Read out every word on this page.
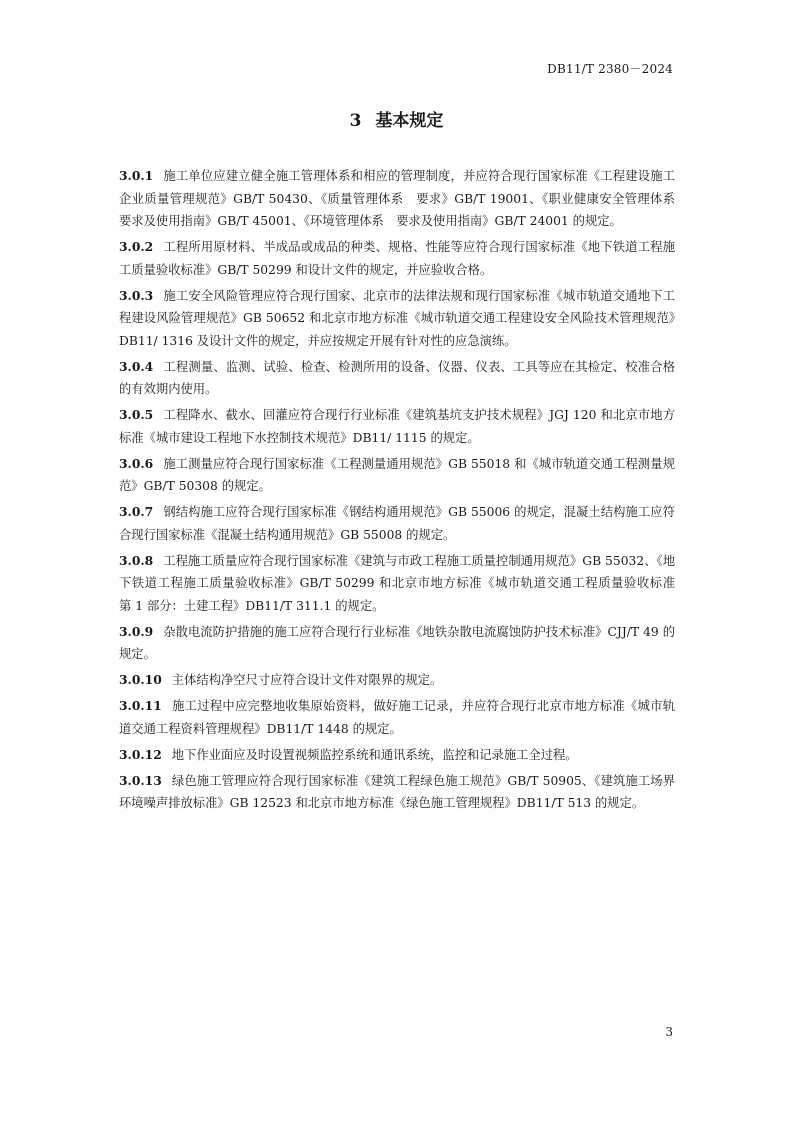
DB11/T 2380－2024
3 基本规定

3.0.1 施工单位应建立健全施工管理体系和相应的管理制度，并应符合现行国家标准《工程建设施工企业质量管理规范》GB/T 50430、《质量管理体系　要求》GB/T 19001、《职业健康安全管理体系　要求及使用指南》GB/T 45001、《环境管理体系　要求及使用指南》GB/T 24001 的规定。

3.0.2 工程所用原材料、半成品或成品的种类、规格、性能等应符合现行国家标准《地下铁道工程施工质量验收标准》GB/T 50299 和设计文件的规定，并应验收合格。

3.0.3 施工安全风险管理应符合现行国家、北京市的法律法规和现行国家标准《城市轨道交通地下工程建设风险管理规范》GB 50652 和北京市地方标准《城市轨道交通工程建设安全风险技术管理规范》DB11/ 1316 及设计文件的规定，并应按规定开展有针对性的应急演练。

3.0.4 工程测量、监测、试验、检查、检测所用的设备、仪器、仪表、工具等应在其检定、校准合格的有效期内使用。

3.0.5 工程降水、截水、回灌应符合现行行业标准《建筑基坑支护技术规程》JGJ 120 和北京市地方标准《城市建设工程地下水控制技术规范》DB11/ 1115 的规定。

3.0.6 施工测量应符合现行国家标准《工程测量通用规范》GB 55018 和《城市轨道交通工程测量规范》GB/T 50308 的规定。

3.0.7 钢结构施工应符合现行国家标准《钢结构通用规范》GB 55006 的规定，混凝土结构施工应符合现行国家标准《混凝土结构通用规范》GB 55008 的规定。

3.0.8 工程施工质量应符合现行国家标准《建筑与市政工程施工质量控制通用规范》GB 55032、《地下铁道工程施工质量验收标准》GB/T 50299 和北京市地方标准《城市轨道交通工程质量验收标准　第 1 部分：土建工程》DB11/T 311.1 的规定。

3.0.9 杂散电流防护措施的施工应符合现行行业标准《地铁杂散电流腐蚀防护技术标准》CJJ/T 49 的规定。

3.0.10 主体结构净空尺寸应符合设计文件对限界的规定。

3.0.11 施工过程中应完整地收集原始资料，做好施工记录，并应符合现行北京市地方标准《城市轨道交通工程资料管理规程》DB11/T 1448 的规定。

3.0.12 地下作业面应及时设置视频监控系统和通讯系统，监控和记录施工全过程。

3.0.13 绿色施工管理应符合现行国家标准《建筑工程绿色施工规范》GB/T 50905、《建筑施工场界环境噪声排放标准》GB 12523 和北京市地方标准《绿色施工管理规程》DB11/T 513 的规定。

3
